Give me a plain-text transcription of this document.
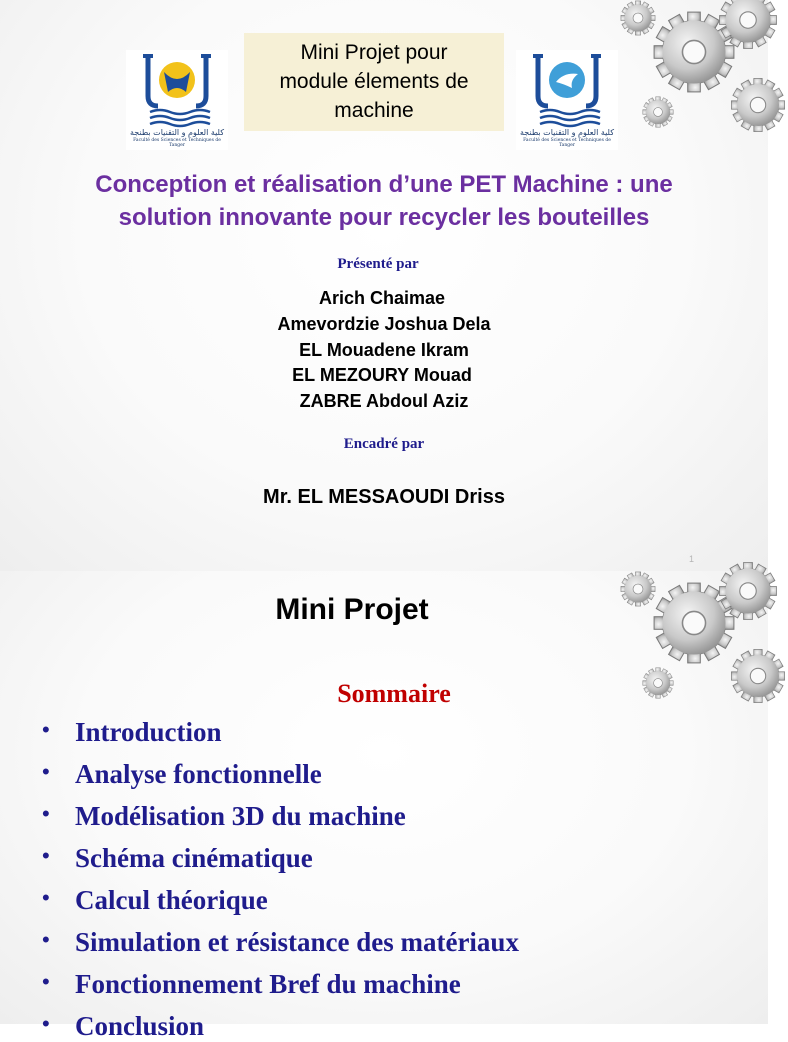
كلية العلوم و التقنيات بطنجة
Faculté des Sciences et Techniques de Tanger
Mini Projet pour
module élements de
machine
كلية العلوم و التقنيات بطنجة
Faculté des Sciences et Techniques de Tanger
Conception et réalisation d’une PET Machine : une
solution innovante pour recycler les bouteilles
Présenté par
Arich Chaimae
Amevordzie Joshua Dela
EL Mouadene Ikram
EL MEZOURY Mouad
ZABRE Abdoul Aziz
Encadré par
Mr. EL MESSAOUDI Driss
1
Mini Projet
Sommaire
• Introduction
• Analyse fonctionnelle
• Modélisation 3D du machine
• Schéma cinématique
• Calcul théorique
• Simulation et résistance des matériaux
• Fonctionnement Bref du machine
• Conclusion
